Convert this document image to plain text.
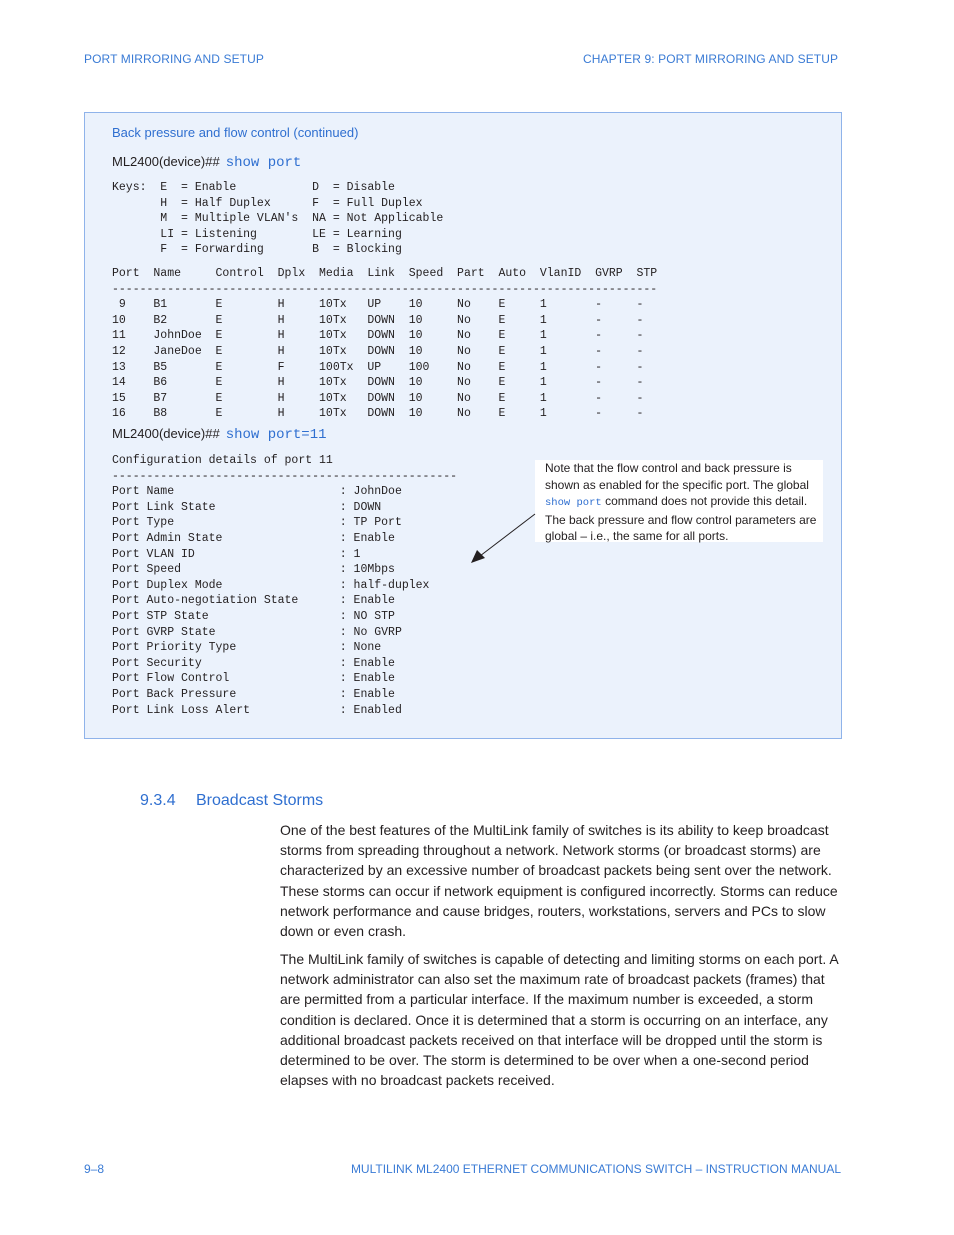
PORT MIRRORING AND SETUP	CHAPTER 9: PORT MIRRORING AND SETUP
Back pressure and flow control (continued)
ML2400(device)## show port
Keys:  E  = Enable           D  = Disable
H  = Half Duplex      F  = Full Duplex
M  = Multiple VLAN's  NA = Not Applicable
LI = Listening        LE = Learning
F  = Forwarding       B  = Blocking
Port  Name     Control  Dplx  Media  Link  Speed  Part  Auto  VlanID  GVRP  STP
-------------------------------------------------------------------------------
9    B1       E        H     10Tx   UP    10     No    E     1       -     -
10    B2       E        H     10Tx   DOWN  10     No    E     1       -     -
11    JohnDoe  E        H     10Tx   DOWN  10     No    E     1       -     -
12    JaneDoe  E        H     10Tx   DOWN  10     No    E     1       -     -
13    B5       E        F     100Tx  UP    100    No    E     1       -     -
14    B6       E        H     10Tx   DOWN  10     No    E     1       -     -
15    B7       E        H     10Tx   DOWN  10     No    E     1       -     -
16    B8       E        H     10Tx   DOWN  10     No    E     1       -     -
ML2400(device)## show port=11
Configuration details of port 11
--------------------------------------------------
Port Name                        : JohnDoe
Port Link State                  : DOWN
Port Type                        : TP Port
Port Admin State                 : Enable
Port VLAN ID                     : 1
Port Speed                       : 10Mbps
Port Duplex Mode                 : half-duplex
Port Auto-negotiation State      : Enable
Port STP State                   : NO STP
Port GVRP State                  : No GVRP
Port Priority Type               : None
Port Security                    : Enable
Port Flow Control                : Enable
Port Back Pressure               : Enable
Port Link Loss Alert             : Enabled
Note that the flow control and back pressure is shown as enabled for the specific port. The global show port command does not provide this detail. The back pressure and flow control parameters are global – i.e., the same for all ports.
9.3.4 Broadcast Storms

One of the best features of the MultiLink family of switches is its ability to keep broadcast storms from spreading throughout a network. Network storms (or broadcast storms) are characterized by an excessive number of broadcast packets being sent over the network. These storms can occur if network equipment is configured incorrectly. Storms can reduce network performance and cause bridges, routers, workstations, servers and PCs to slow down or even crash.

The MultiLink family of switches is capable of detecting and limiting storms on each port. A network administrator can also set the maximum rate of broadcast packets (frames) that are permitted from a particular interface. If the maximum number is exceeded, a storm condition is declared. Once it is determined that a storm is occurring on an interface, any additional broadcast packets received on that interface will be dropped until the storm is determined to be over. The storm is determined to be over when a one-second period elapses with no broadcast packets received.

9–8	MULTILINK ML2400 ETHERNET COMMUNICATIONS SWITCH – INSTRUCTION MANUAL
